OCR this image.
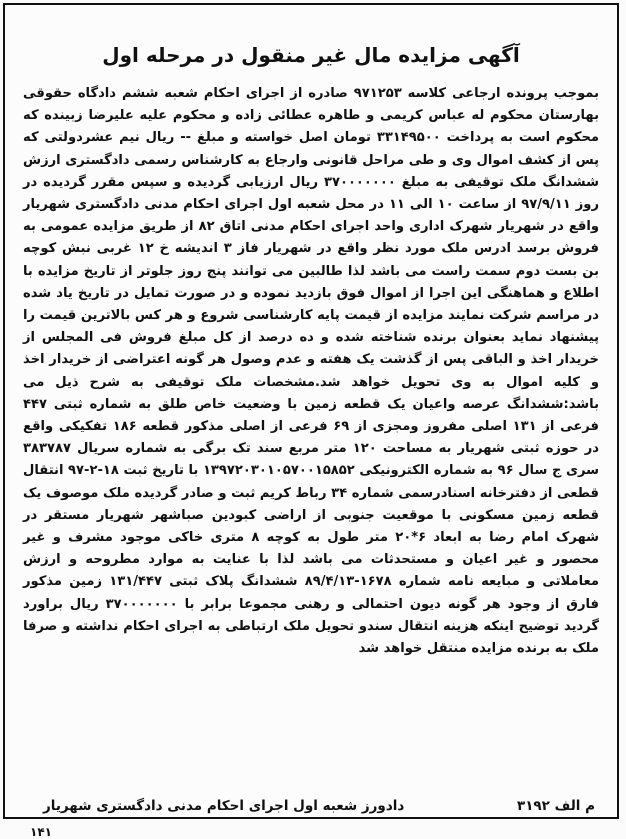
آگهی مزایده مال غیر منقول در مرحله اول
بموجب پرونده ارجاعی کلاسه ۹۷۱۲۵۳ صادره از اجرای احکام شعبه ششم دادگاه حقوقی بهارستان محکوم له عباس کریمی و طاهره عطائی زاده و محکوم علیه علیرضا زبینده که محکوم است به پرداخت ۳۳۱۴۹۵۰۰ تومان اصل خواسته و مبلغ -- ریال نیم عشردولتی که پس از کشف اموال وی و طی مراحل قانونی وارجاع به کارشناس رسمی دادگستری ارزش ششدانگ ملک توقیفی به مبلغ ۳۷۰۰۰۰۰۰۰ ریال ارزیابی گردیده و سپس مقرر گردیده در روز ۹۷/۹/۱۱ از ساعت ۱۰ الی ۱۱ در محل شعبه اول اجرای احکام مدنی دادگستری شهریار واقع در شهریار شهرک اداری واحد اجرای احکام مدنی اتاق ۸۲ از طریق مزایده عمومی به فروش برسد ادرس ملک مورد نظر واقع در شهریار فاز ۳ اندیشه خ ۱۲ غربی نبش کوچه بن بست دوم سمت راست می باشد لذا طالبین می توانند پنج روز جلوتر از تاریخ مزایده با اطلاع و هماهنگی این اجرا از اموال فوق بازدید نموده و در صورت تمایل در تاریخ یاد شده در مراسم شرکت نمایند مزایده از قیمت پایه کارشناسی شروع و هر کس بالاترین قیمت را پیشنهاد نماید بعنوان برنده شناخته شده و ده درصد از کل مبلغ فروش فی المجلس از خریدار اخذ و الباقی پس از گذشت یک هفته و عدم وصول هر گونه اعتراضی از خریدار اخذ و کلیه اموال به وی تحویل خواهد شد.مشخصات ملک توقیفی به شرح ذیل می باشد:ششدانگ عرصه واعیان یک قطعه زمین با وضعیت خاص طلق به شماره ثبتی ۴۴۷ فرعی از ۱۳۱ اصلی مفروز ومجزی از ۶۹ فرعی از اصلی مذکور قطعه ۱۸۶ تفکیکی واقع در حوزه ثبتی شهریار به مساحت ۱۲۰ متر مربع سند تک برگی به شماره سریال ۳۸۳۷۸۷ سری ج سال ۹۶ به شماره الکترونیکی ۱۳۹۷۲۰۳۰۱۰۵۷۰۰۱۵۸۵۲ با تاریخ ثبت ۱۸-۲-۹۷ انتقال قطعی از دفترخانه اسنادرسمی شماره ۳۴ رباط کریم ثبت و صادر گردیده ملک موصوف یک قطعه زمین مسکونی با موقعیت جنوبی از اراضی کبودین صباشهر شهریار مستقر در شهرک امام رضا به ابعاد ۶*۲۰ متر طول به کوچه ۸ متری خاکی موجود مشرف و غیر محصور و غیر اعیان و مستحدثات می باشد لذا با عنایت به موارد مطروحه و ارزش معاملاتی و مبایعه نامه شماره ۱۶۷۸-۸۹/۴/۱۳ ششدانگ پلاک ثبتی ۱۳۱/۴۴۷ زمین مذکور فارق از وجود هر گونه دیون احتمالی و رهنی مجموعا برابر با ۳۷۰۰۰۰۰۰۰ ریال براورد گردید توضیح اینکه هزینه انتقال سندو تحویل ملک ارتباطی به اجرای احکام نداشته و صرفا ملک به برنده مزایده منتقل خواهد شد
م الف ۳۱۹۲
دادورز شعبه اول اجرای احکام مدنی دادگستری شهریار
۱۴۱
